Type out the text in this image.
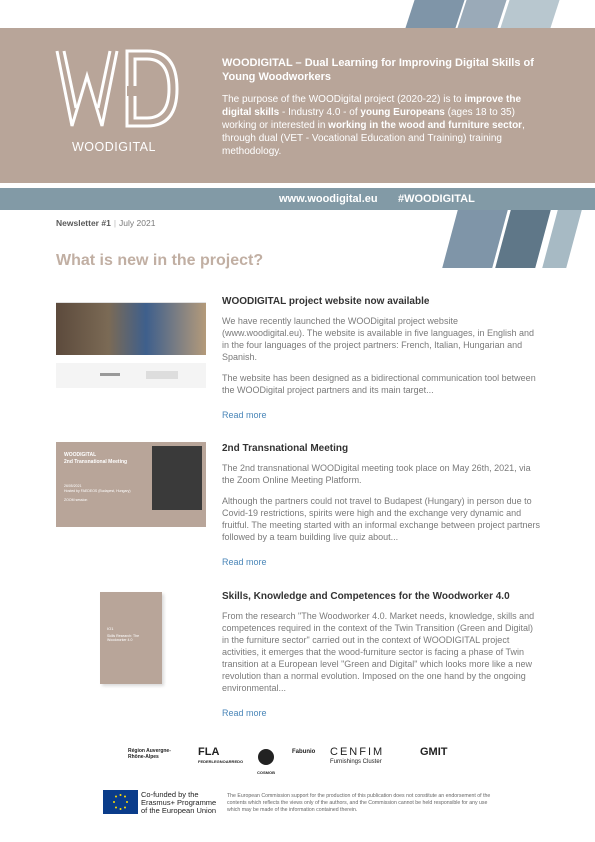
WOODIGITAL
WOODIGITAL – Dual Learning for Improving Digital Skills of Young Woodworkers
The purpose of the WOODigital project (2020-22) is to improve the digital skills - Industry 4.0 - of young Europeans (ages 18 to 35) working or interested in working in the wood and furniture sector, through dual (VET - Vocational Education and Training) training methodology.
www.woodigital.eu #WOODIGITAL
Newsletter #1 | July 2021
What is new in the project?
WOODIGITAL
2nd Transnational Meeting
26/05/2021
Hosted by FAEDEOS (Budapest, Hungary)
ZOOM session
IO1
Skills Research: The Woodworker 4.0
WOODIGITAL project website now available
We have recently launched the WOODigital project website (www.woodigital.eu). The website is available in five languages, in English and in the four languages of the project partners: French, Italian, Hungarian and Spanish.
The website has been designed as a bidirectional communication tool between the WOODigital project partners and its main target...
Read more
2nd Transnational Meeting
The 2nd transnational WOODigital meeting took place on May 26th, 2021, via the Zoom Online Meeting Platform.
Although the partners could not travel to Budapest (Hungary) in person due to Covid-19 restrictions, spirits were high and the exchange very dynamic and fruitful. The meeting started with an informal exchange between project partners followed by a team building live quiz about...
Read more
Skills, Knowledge and Competences for the Woodworker 4.0
From the research "The Woodworker 4.0. Market needs, knowledge, skills and competences required in the context of the Twin Transition (Green and Digital) in the furniture sector" carried out in the context of WOODIGITAL project activities, it emerges that the wood-furniture sector is facing a phase of Twin transition at a European level "Green and Digital" which looks more like a new revolution than a normal evolution. Imposed on the one hand by the ongoing environmental...
Read more
Région Auvergne-Rhône-Alpes	FLA
FEDERLEGNOARREDO

COSMOB
Fabunio CENFIM
Furnishings Cluster
GMIT
Co-funded by the Erasmus+ Programme of the European Union
The European Commission support for the production of this publication does not constitute an endorsement of the contents which reflects the views only of the authors, and the Commission cannot be held responsible for any use which may be made of the information contained therein.
